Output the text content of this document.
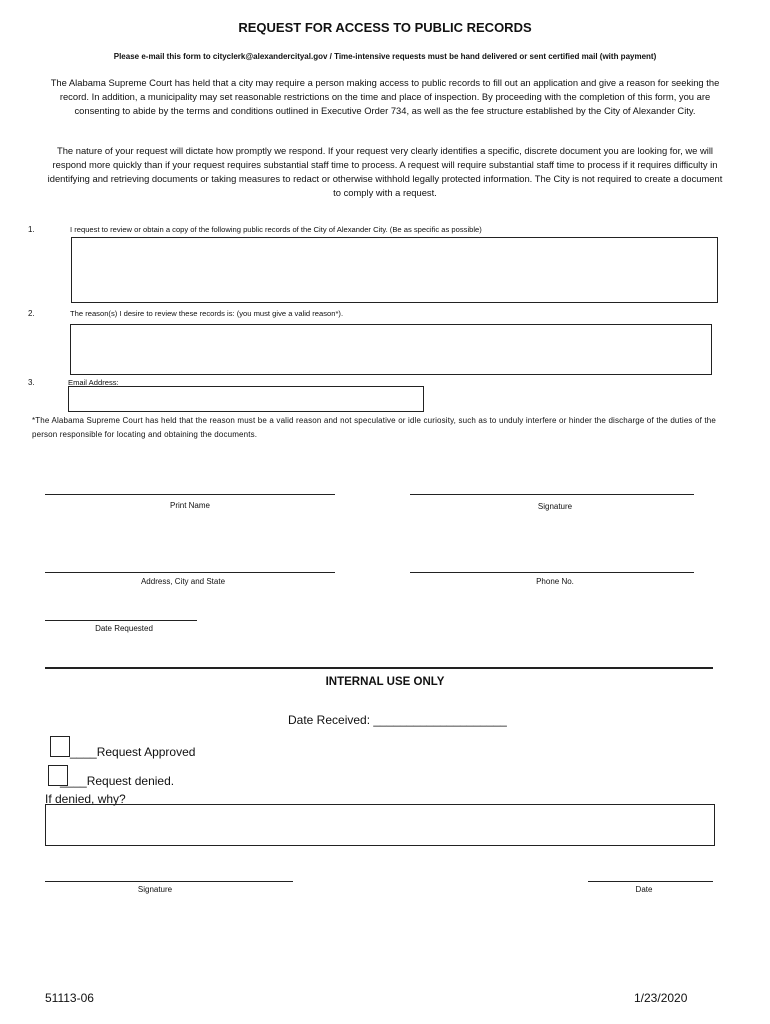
REQUEST FOR ACCESS TO PUBLIC RECORDS
Please e-mail this form to cityclerk@alexandercityal.gov / Time-intensive requests must be hand delivered or sent certified mail (with payment)
The Alabama Supreme Court has held that a city may require a person making access to public records to fill out an application and give a reason for seeking the record. In addition, a municipality may set reasonable restrictions on the time and place of inspection. By proceeding with the completion of this form, you are consenting to abide by the terms and conditions outlined in Executive Order 734, as well as the fee structure established by the City of Alexander City.
The nature of your request will dictate how promptly we respond. If your request very clearly identifies a specific, discrete document you are looking for, we will respond more quickly than if your request requires substantial staff time to process. A request will require substantial staff time to process if it requires difficulty in identifying and retrieving documents or taking measures to redact or otherwise withhold legally protected information. The City is not required to create a document to comply with a request.
1.	I request to review or obtain a copy of the following public records of the City of Alexander City. (Be as specific as possible)
2.	The reason(s) I desire to review these records is: (you must give a valid reason*).
3.	Email Address:
*The Alabama Supreme Court has held that the reason must be a valid reason and not speculative or idle curiosity, such as to unduly interfere or hinder the discharge of the duties of the person responsible for locating and obtaining the documents.
Print Name	Signature
Address, City and State	Phone No.
Date Requested
INTERNAL USE ONLY
Date Received: ____________________
____Request Approved
____Request denied.
If denied, why?
Signature	Date
51113-06	1/23/2020
